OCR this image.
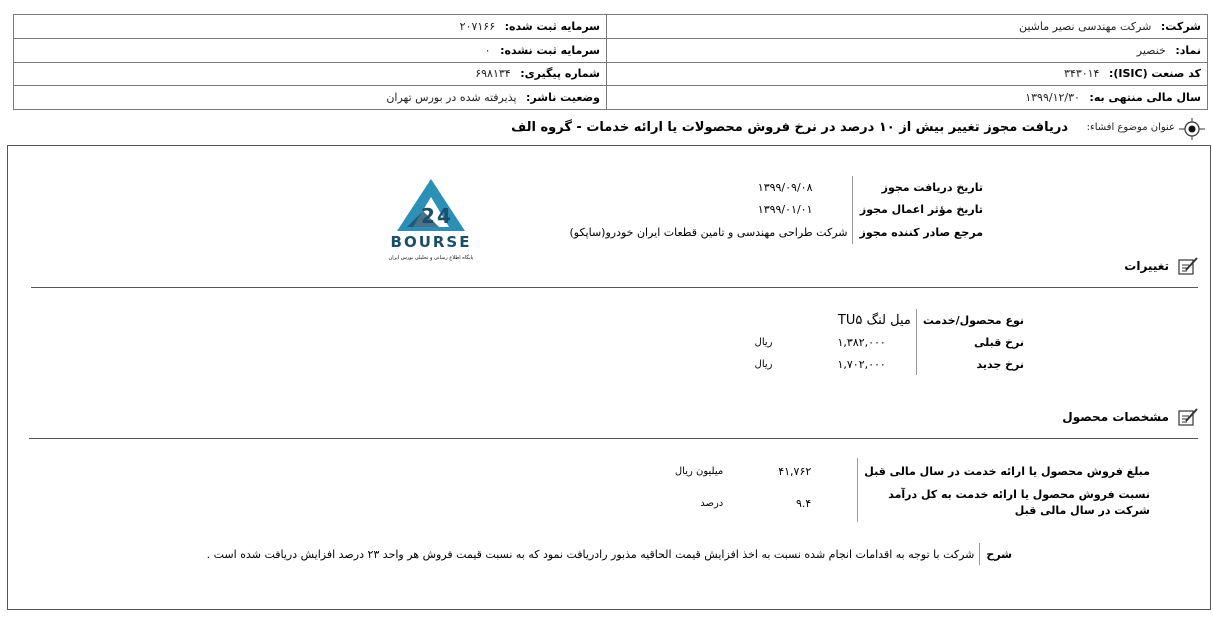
شرکت: شرکت مهندسی نصیر ماشین	سرمایه ثبت شده: ۲۰۷۱۶۶
نماد: خنصیر	سرمایه ثبت نشده: ۰
کد صنعت (ISIC): ۳۴۳۰۱۴	شماره پیگیری: ۶۹۸۱۳۴
سال مالی منتهی به: ۱۳۹۹/۱۲/۳۰	وضعیت ناشر: پذیرفته شده در بورس تهران
عنوان موضوع افشاء:
دریافت مجوز تغییر بیش از ۱۰ درصد در نرخ فروش محصولات یا ارائه خدمات - گروه الف
تاریخ دریافت مجوز	۱۳۹۹/۰۹/۰۸
تاریخ مؤثر اعمال مجوز	۱۳۹۹/۰۱/۰۱
مرجع صادر کننده مجوز	شرکت طراحی مهندسی و تامین قطعات ایران خودرو(ساپکو)
2 4
BOURSE
پایگاه اطلاع رسانی و تحلیلی بورس ایران
تغییرات
نوع محصول/خدمت	میل لنگ TU۵	
نرخ قبلی	۱,۳۸۲,۰۰۰	ریال
نرخ جدید	۱,۷۰۲,۰۰۰	ریال
مشخصات محصول
مبلغ فروش محصول یا ارائه خدمت در سال مالی قبل	۴۱,۷۶۲	میلیون ریال
نسبت فروش محصول یا ارائه خدمت به کل درآمد
شرکت در سال مالی قبل	۹.۴	درصد
شرح	شرکت با توجه به اقدامات انجام شده نسبت به اخذ افزایش قیمت الحاقیه مذبور رادریافت نمود که به نسبت قیمت فروش هر واحد ۲۳ درصد افزایش دریافت شده است .
